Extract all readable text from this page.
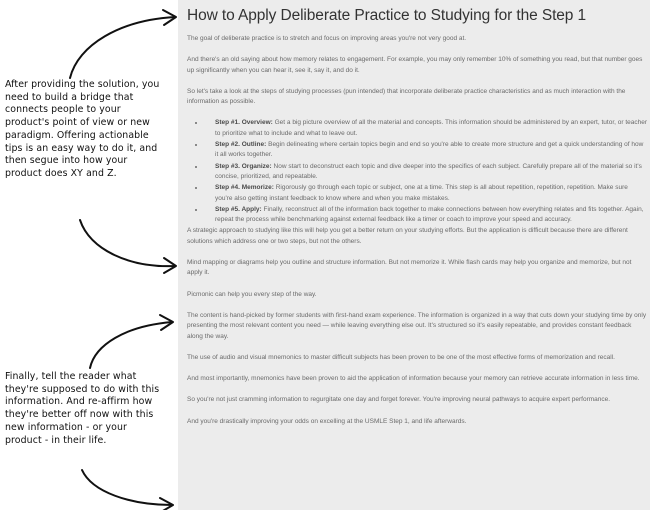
After providing the solution, you need to build a bridge that connects people to your product's point of view or new paradigm. Offering actionable tips is an easy way to do it, and then segue into how your product does XY and Z.
Finally, tell the reader what they're supposed to do with this information. And re-affirm how they're better off now with this new information - or your product - in their life.
How to Apply Deliberate Practice to Studying for the Step 1

The goal of deliberate practice is to stretch and focus on improving areas you're not very good at.

And there's an old saying about how memory relates to engagement. For example, you may only remember 10% of something you read, but that number goes up significantly when you can hear it, see it, say it, and do it.

So let's take a look at the steps of studying processes (pun intended) that incorporate deliberate practice characteristics and as much interaction with the information as possible.

• Step #1. Overview: Get a big picture overview of all the material and concepts. This information should be administered by an expert, tutor, or teacher to prioritize what to include and what to leave out.
• Step #2. Outline: Begin delineating where certain topics begin and end so you're able to create more structure and get a quick understanding of how it all works together.
• Step #3. Organize: Now start to deconstruct each topic and dive deeper into the specifics of each subject. Carefully prepare all of the material so it's concise, prioritized, and repeatable.
• Step #4. Memorize: Rigorously go through each topic or subject, one at a time. This step is all about repetition, repetition, repetition. Make sure you're also getting instant feedback to know where and when you make mistakes.
• Step #5. Apply: Finally, reconstruct all of the information back together to make connections between how everything relates and fits together. Again, repeat the process while benchmarking against external feedback like a timer or coach to improve your speed and accuracy.

A strategic approach to studying like this will help you get a better return on your studying efforts. But the application is difficult because there are different solutions which address one or two steps, but not the others.

Mind mapping or diagrams help you outline and structure information. But not memorize it. While flash cards may help you organize and memorize, but not apply it.

Picmonic can help you every step of the way.

The content is hand-picked by former students with first-hand exam experience. The information is organized in a way that cuts down your studying time by only presenting the most relevant content you need — while leaving everything else out. It's structured so it's easily repeatable, and provides constant feedback along the way.

The use of audio and visual mnemonics to master difficult subjects has been proven to be one of the most effective forms of memorization and recall.

And most importantly, mnemonics have been proven to aid the application of information because your memory can retrieve accurate information in less time.

So you're not just cramming information to regurgitate one day and forget forever. You're improving neural pathways to acquire expert performance.

And you're drastically improving your odds on excelling at the USMLE Step 1, and life afterwards.
